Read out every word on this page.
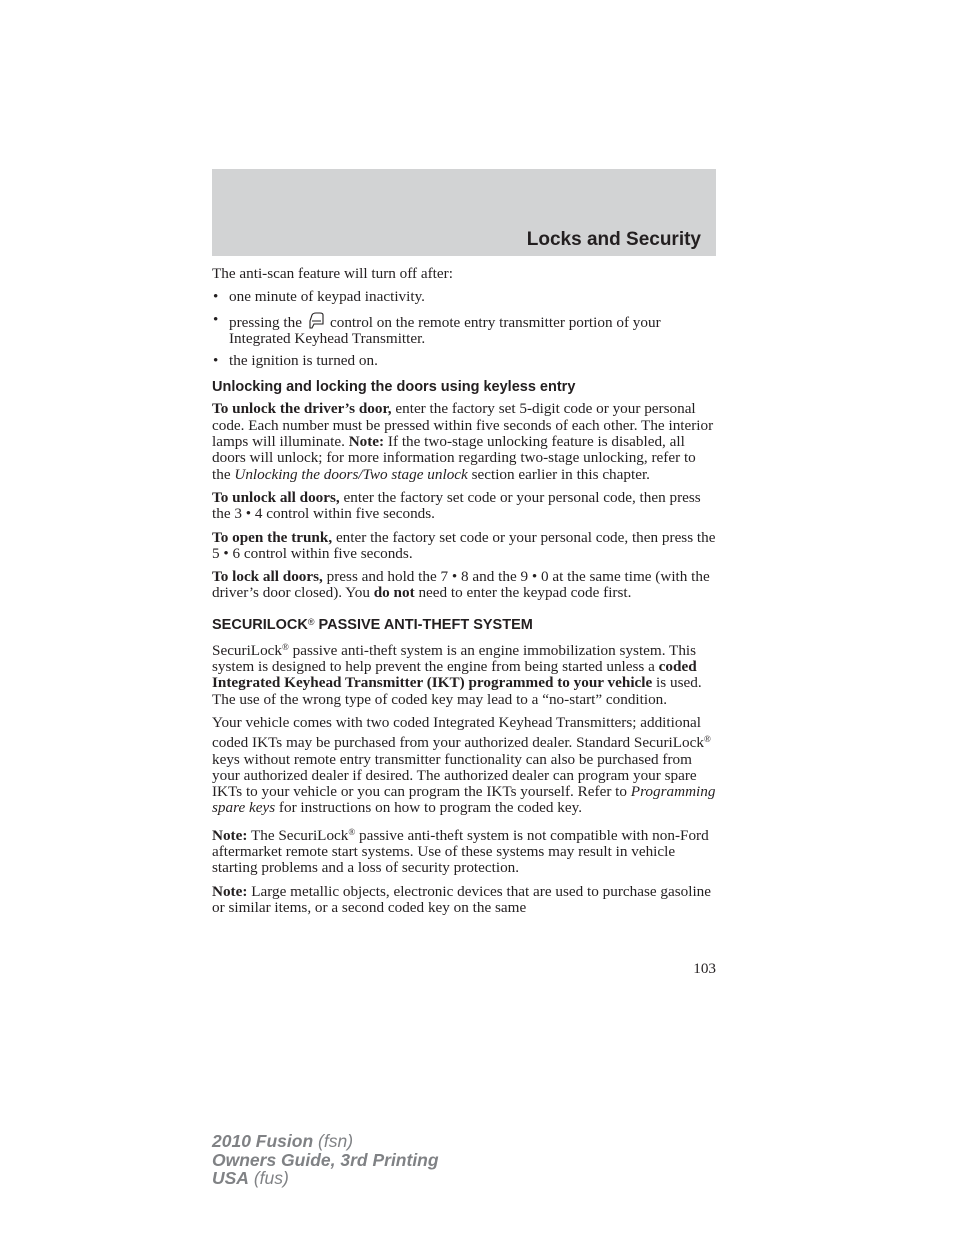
Locks and Security

The anti-scan feature will turn off after:

• one minute of keypad inactivity.
• pressing the control on the remote entry transmitter portion of your Integrated Keyhead Transmitter.
• the ignition is turned on.
Unlocking and locking the doors using keyless entry

To unlock the driver’s door, enter the factory set 5-digit code or your personal code. Each number must be pressed within five seconds of each other. The interior lamps will illuminate. Note: If the two-stage unlocking feature is disabled, all doors will unlock; for more information regarding two-stage unlocking, refer to the Unlocking the doors/Two stage unlock section earlier in this chapter.

To unlock all doors, enter the factory set code or your personal code, then press the 3 • 4 control within five seconds.

To open the trunk, enter the factory set code or your personal code, then press the 5 • 6 control within five seconds.

To lock all doors, press and hold the 7 • 8 and the 9 • 0 at the same time (with the driver’s door closed). You do not need to enter the keypad code first.

SECURILOCK® PASSIVE ANTI-THEFT SYSTEM

SecuriLock® passive anti-theft system is an engine immobilization system. This system is designed to help prevent the engine from being started unless a coded Integrated Keyhead Transmitter (IKT) programmed to your vehicle is used. The use of the wrong type of coded key may lead to a “no-start” condition.

Your vehicle comes with two coded Integrated Keyhead Transmitters; additional coded IKTs may be purchased from your authorized dealer. Standard SecuriLock® keys without remote entry transmitter functionality can also be purchased from your authorized dealer if desired. The authorized dealer can program your spare IKTs to your vehicle or you can program the IKTs yourself. Refer to Programming spare keys for instructions on how to program the coded key.

Note: The SecuriLock® passive anti-theft system is not compatible with non-Ford aftermarket remote start systems. Use of these systems may result in vehicle starting problems and a loss of security protection.

Note: Large metallic objects, electronic devices that are used to purchase gasoline or similar items, or a second coded key on the same

103
2010 Fusion (fsn)
Owners Guide, 3rd Printing
USA (fus)
